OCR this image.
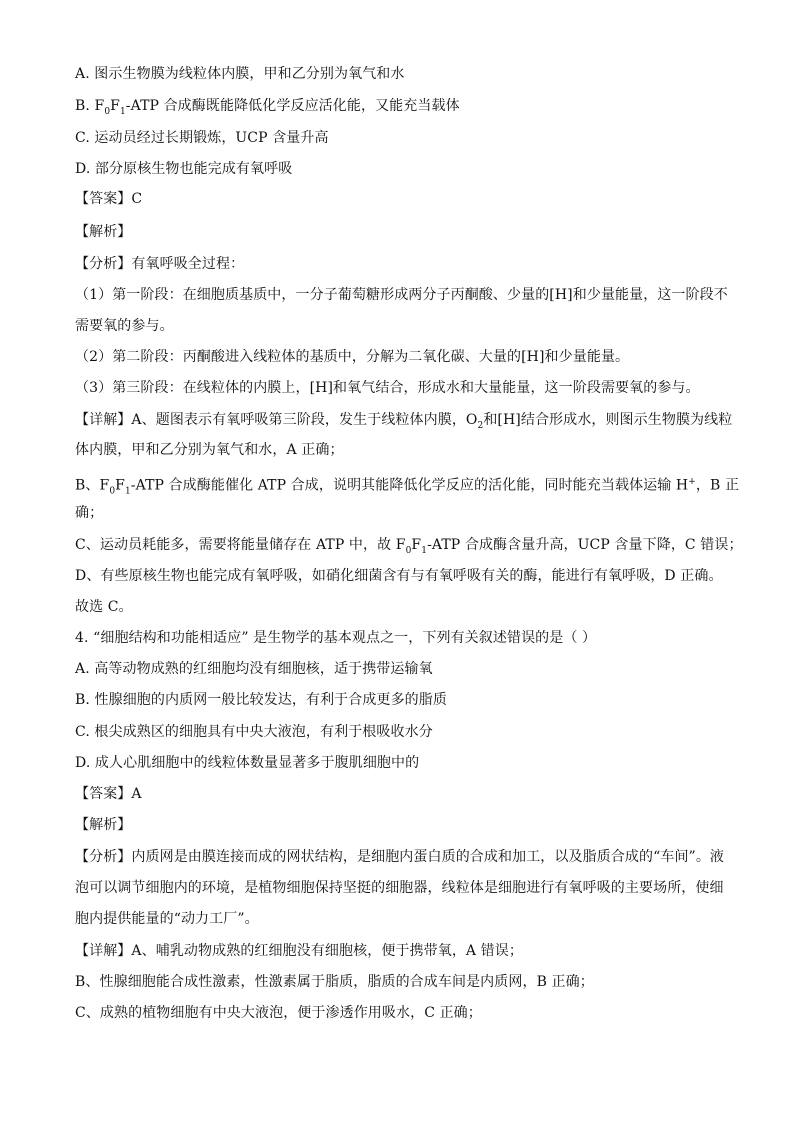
A. 图示生物膜为线粒体内膜，甲和乙分别为氧气和水
B. $F_0F_1$-ATP 合成酶既能降低化学反应活化能，又能充当载体
C. 运动员经过长期锻炼，UCP 含量升高
D. 部分原核生物也能完成有氧呼吸
【答案】C
【解析】
【分析】有氧呼吸全过程：
（1）第一阶段：在细胞质基质中，一分子葡萄糖形成两分子丙酮酸、少量的[H]和少量能量，这一阶段不
需要氧的参与。
（2）第二阶段：丙酮酸进入线粒体的基质中，分解为二氧化碳、大量的[H]和少量能量。
（3）第三阶段：在线粒体的内膜上，[H]和氧气结合，形成水和大量能量，这一阶段需要氧的参与。
【详解】A、题图表示有氧呼吸第三阶段，发生于线粒体内膜，$O_2$和[H]结合形成水，则图示生物膜为线粒
体内膜，甲和乙分别为氧气和水，A 正确；
B、$F_0F_1$-ATP 合成酶能催化 ATP 合成，说明其能降低化学反应的活化能，同时能充当载体运输 H+，B 正
确；
C、运动员耗能多，需要将能量储存在 ATP 中，故 $F_0F_1$-ATP 合成酶含量升高，UCP 含量下降，C 错误；
D、有些原核生物也能完成有氧呼吸，如硝化细菌含有与有氧呼吸有关的酶，能进行有氧呼吸，D 正确。
故选 C。
4. “细胞结构和功能相适应” 是生物学的基本观点之一，下列有关叙述错误的是（ ）
A. 高等动物成熟的红细胞均没有细胞核，适于携带运输氧
B. 性腺细胞的内质网一般比较发达，有利于合成更多的脂质
C. 根尖成熟区的细胞具有中央大液泡，有利于根吸收水分
D. 成人心肌细胞中的线粒体数量显著多于腹肌细胞中的
【答案】A
【解析】
【分析】内质网是由膜连接而成的网状结构，是细胞内蛋白质的合成和加工，以及脂质合成的“车间”。液
泡可以调节细胞内的环境，是植物细胞保持坚挺的细胞器，线粒体是细胞进行有氧呼吸的主要场所，使细
胞内提供能量的“动力工厂”。
【详解】A、哺乳动物成熟的红细胞没有细胞核，便于携带氧，A 错误；
B、性腺细胞能合成性激素，性激素属于脂质，脂质的合成车间是内质网，B 正确；
C、成熟的植物细胞有中央大液泡，便于渗透作用吸水，C 正确；
